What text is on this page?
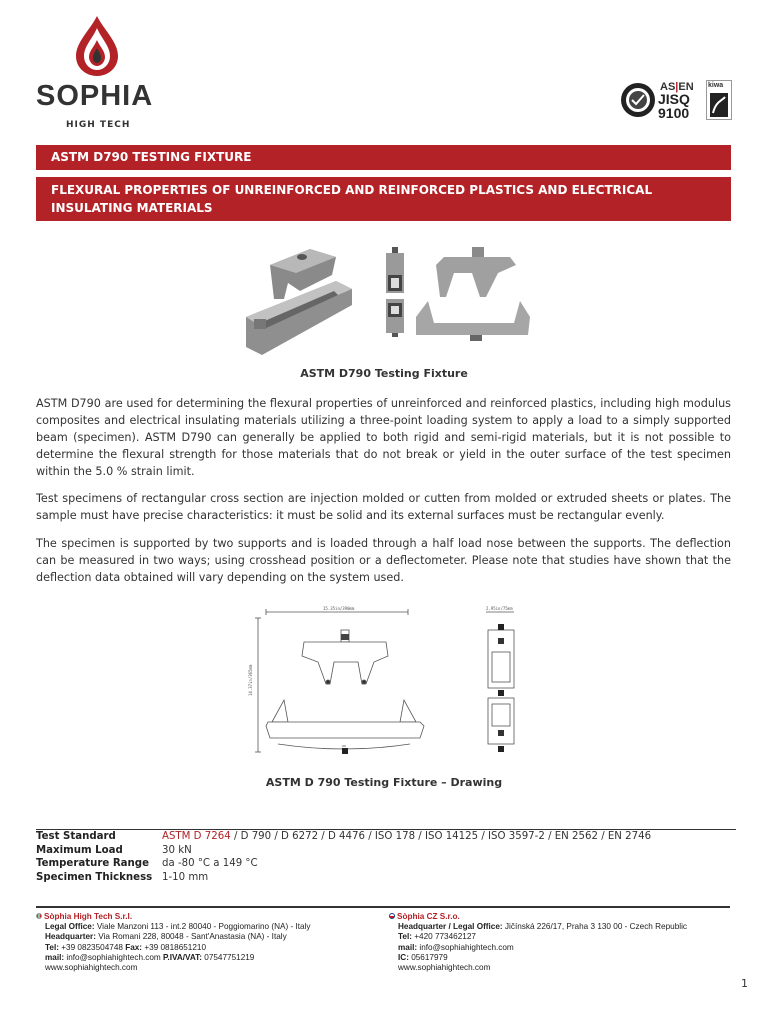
SOPHIA
HIGH TECH
AS|EN
JISQ
9100
kiwa
ASTM D790 TESTING FIXTURE
FLEXURAL PROPERTIES OF UNREINFORCED AND REINFORCED PLASTICS AND ELECTRICAL INSULATING MATERIALS
ASTM D790 Testing Fixture

ASTM D790 are used for determining the flexural properties of unreinforced and reinforced plastics, including high modulus composites and electrical insulating materials utilizing a three-point loading system to apply a load to a simply supported beam (specimen). ASTM D790 can generally be applied to both rigid and semi-rigid materials, but it is not possible to determine the flexural strength for those materials that do not break or yield in the outer surface of the test specimen within the 5.0 % strain limit.

Test specimens of rectangular cross section are injection molded or cutten from molded or extruded sheets or plates. The sample must have precise characteristics: it must be solid and its external surfaces must be rectangular evenly.

The specimen is supported by two supports and is loaded through a half load nose between the supports. The deflection can be measured in two ways; using crosshead position or a deflectometer. Please note that studies have shown that the deflection data obtained will vary depending on the system used.

15.35in/390mm
14.37in/365mm
2.95in/75mm
ASTM D 790 Testing Fixture – Drawing
Test Standard	ASTM D 7264 / D 790 / D 6272 / D 4476 / ISO 178 / ISO 14125 / ISO 3597-2 / EN 2562 / EN 2746
Maximum Load	30 kN
Temperature Range da -80 °C a 149 °C
Specimen Thickness 1-10 mm
Sòphia High Tech S.r.l.
Legal Office: Viale Manzoni 113 - int.2 80040 - Poggiomarino (NA) - Italy
Headquarter: Via Romani 228, 80048 - Sant'Anastasia (NA) - Italy
Tel: +39 0823504748 Fax: +39 0818651210
mail: info@sophiahightech.com P.IVA/VAT: 07547751219
www.sophiahightech.com
Sòphia CZ S.r.o.
Headquarter / Legal Office: Jičínská 226/17, Praha 3 130 00 - Czech Republic
Tel: +420 773462127
mail: info@sophiahightech.com
IC: 05617979
www.sophiahightech.com
1
